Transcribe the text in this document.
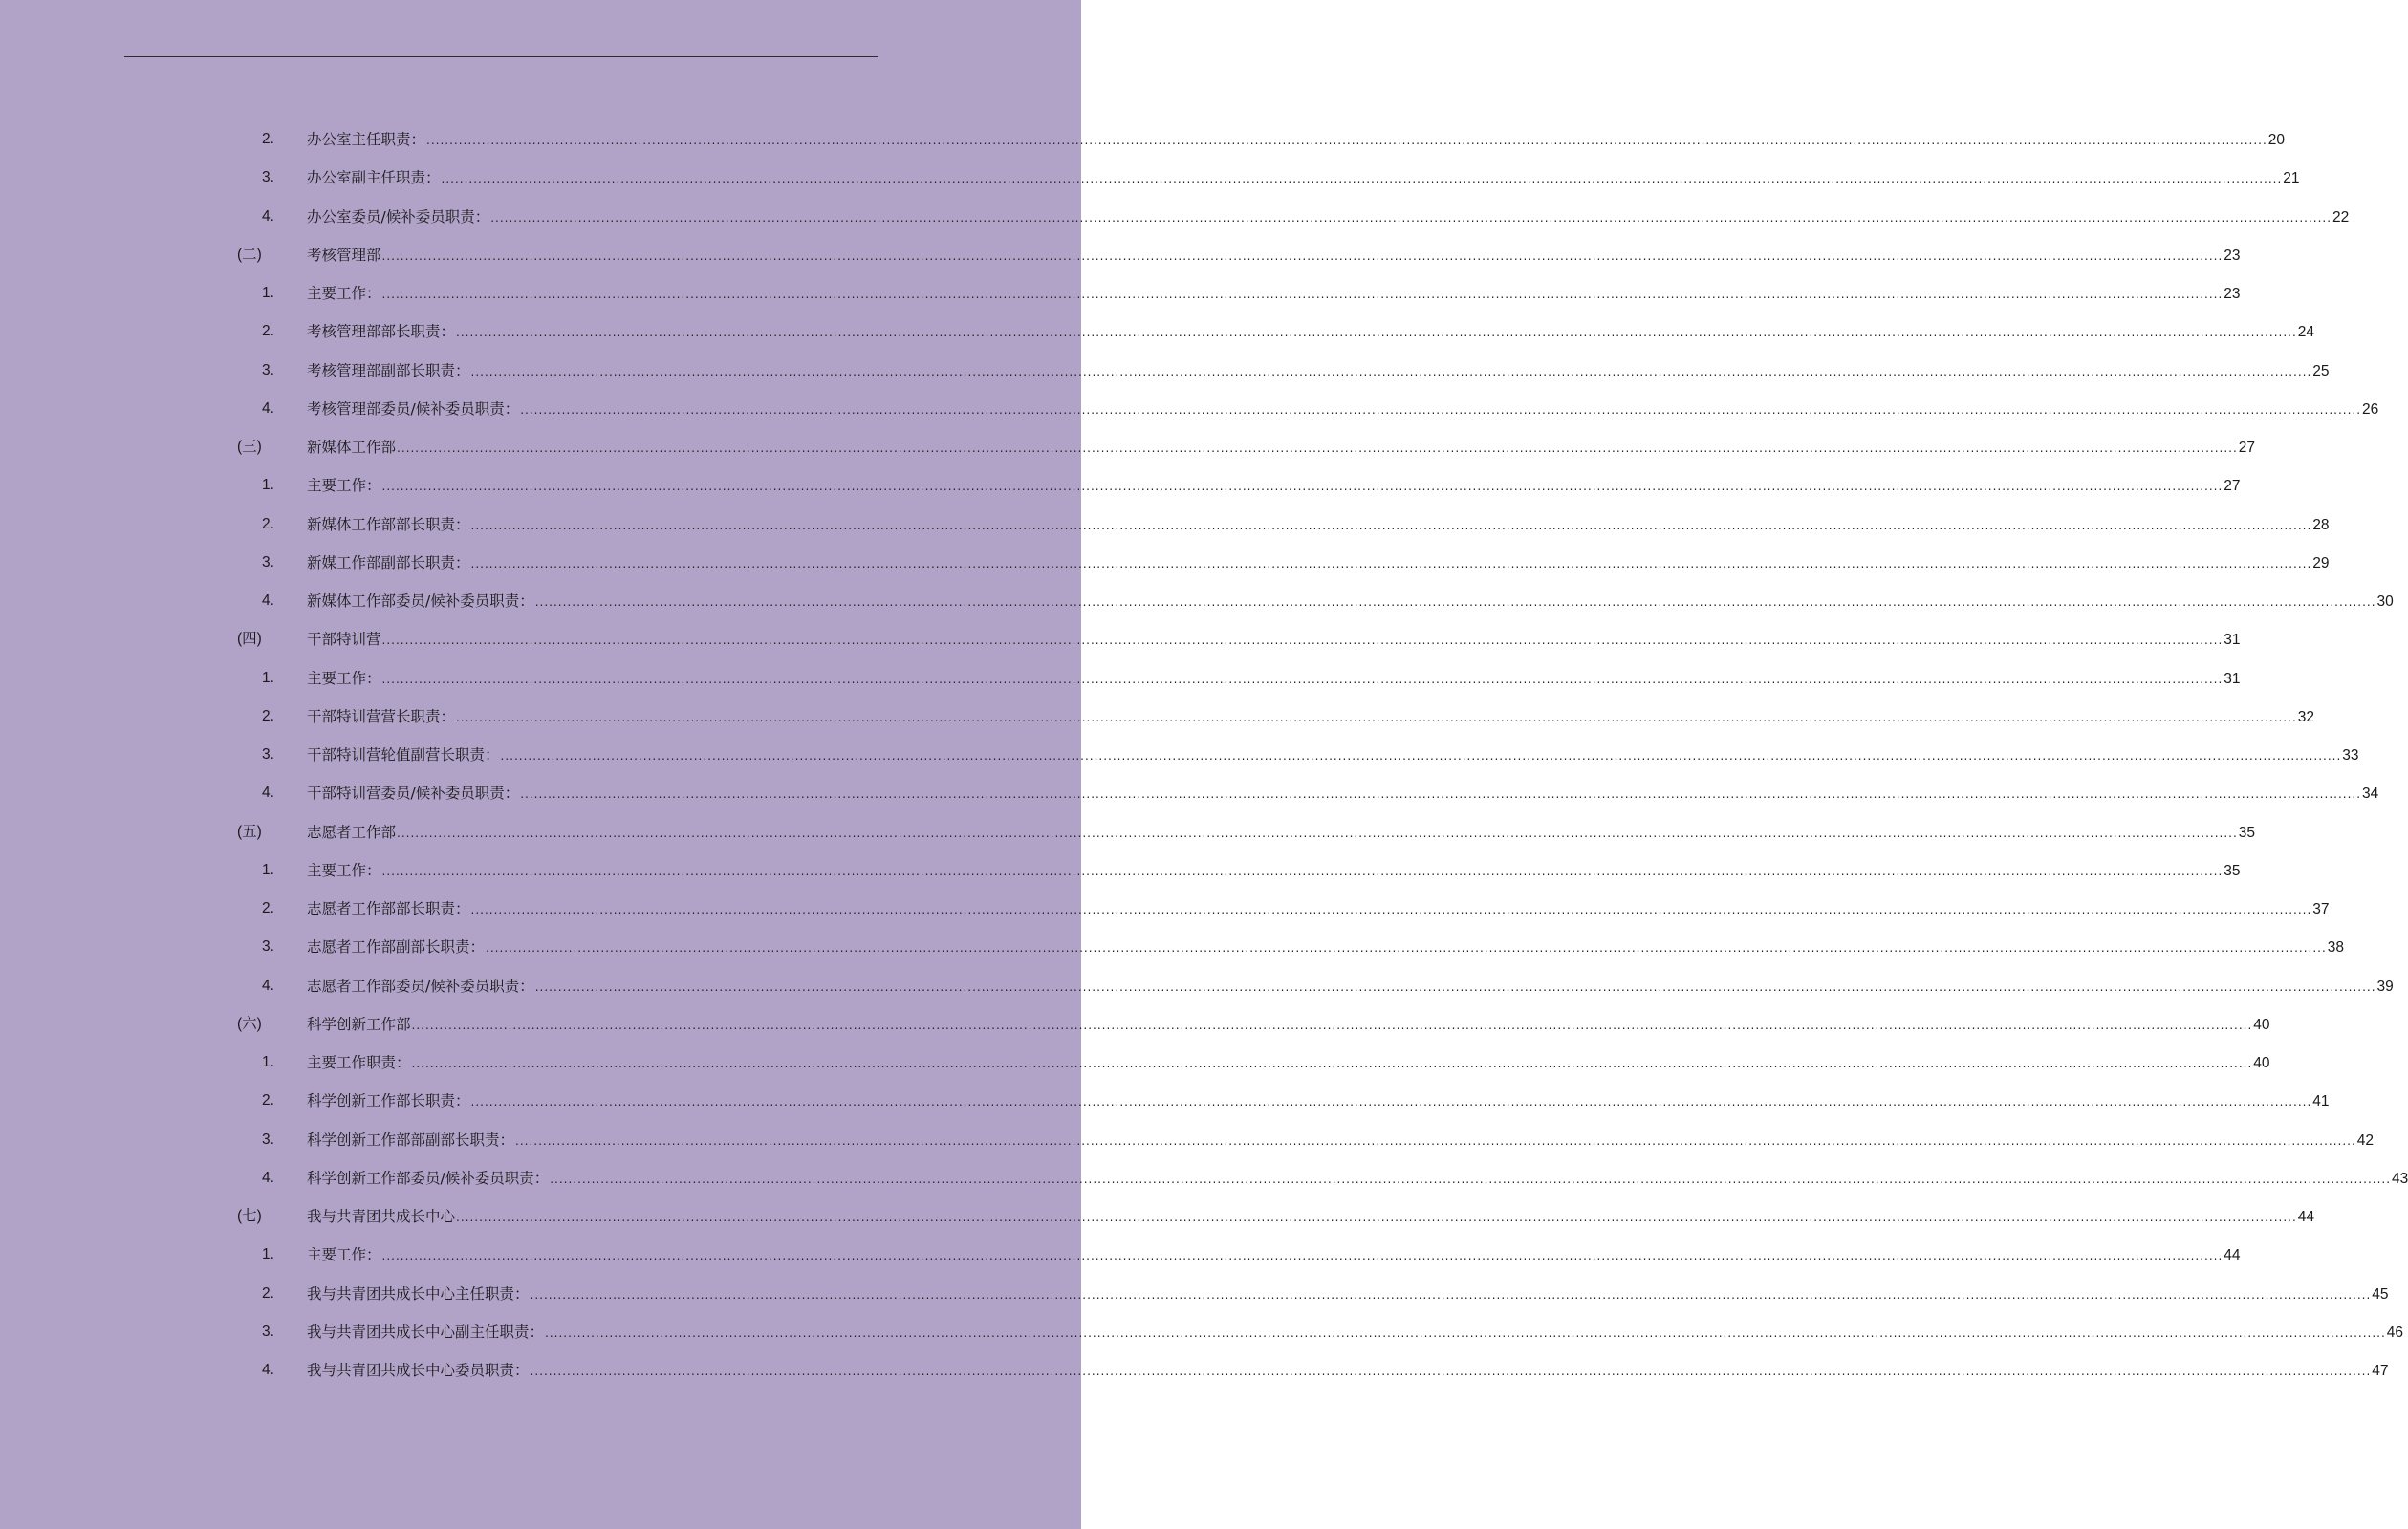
2. 办公室主任职责： ................................................................................................................................................................................................................................................................................................................................................................................................................ 20
3. 办公室副主任职责： ................................................................................................................................................................................................................................................................................................................................................................................................................ 21
4. 办公室委员/候补委员职责： ................................................................................................................................................................................................................................................................................................................................................................................................................ 22
(二)	考核管理部 ................................................................................................................................................................................................................................................................................................................................................................................................................ 23
1. 主要工作： ................................................................................................................................................................................................................................................................................................................................................................................................................ 23
2. 考核管理部部长职责： ................................................................................................................................................................................................................................................................................................................................................................................................................ 24
3. 考核管理部副部长职责： ................................................................................................................................................................................................................................................................................................................................................................................................................ 25
4. 考核管理部委员/候补委员职责： ................................................................................................................................................................................................................................................................................................................................................................................................................ 26
(三)	新媒体工作部 ................................................................................................................................................................................................................................................................................................................................................................................................................ 27
1. 主要工作： ................................................................................................................................................................................................................................................................................................................................................................................................................ 27
2. 新媒体工作部部长职责： ................................................................................................................................................................................................................................................................................................................................................................................................................ 28
3. 新媒工作部副部长职责： ................................................................................................................................................................................................................................................................................................................................................................................................................ 29
4. 新媒体工作部委员/候补委员职责： ................................................................................................................................................................................................................................................................................................................................................................................................................ 30
(四)	干部特训营 ................................................................................................................................................................................................................................................................................................................................................................................................................ 31
1. 主要工作： ................................................................................................................................................................................................................................................................................................................................................................................................................ 31
2. 干部特训营营长职责： ................................................................................................................................................................................................................................................................................................................................................................................................................ 32
3. 干部特训营轮值副营长职责： ................................................................................................................................................................................................................................................................................................................................................................................................................ 33
4. 干部特训营委员/候补委员职责： ................................................................................................................................................................................................................................................................................................................................................................................................................ 34
(五)	志愿者工作部 ................................................................................................................................................................................................................................................................................................................................................................................................................ 35
1. 主要工作： ................................................................................................................................................................................................................................................................................................................................................................................................................ 35
2. 志愿者工作部部长职责： ................................................................................................................................................................................................................................................................................................................................................................................................................ 37
3. 志愿者工作部副部长职责： ................................................................................................................................................................................................................................................................................................................................................................................................................ 38
4. 志愿者工作部委员/候补委员职责： ................................................................................................................................................................................................................................................................................................................................................................................................................ 39
(六)	科学创新工作部 ................................................................................................................................................................................................................................................................................................................................................................................................................ 40
1. 主要工作职责： ................................................................................................................................................................................................................................................................................................................................................................................................................ 40
2. 科学创新工作部长职责： ................................................................................................................................................................................................................................................................................................................................................................................................................ 41
3. 科学创新工作部部副部长职责： ................................................................................................................................................................................................................................................................................................................................................................................................................ 42
4. 科学创新工作部委员/候补委员职责： ................................................................................................................................................................................................................................................................................................................................................................................................................ 43
(七)	我与共青团共成长中心 ................................................................................................................................................................................................................................................................................................................................................................................................................ 44
1. 主要工作： ................................................................................................................................................................................................................................................................................................................................................................................................................ 44
2. 我与共青团共成长中心主任职责： ................................................................................................................................................................................................................................................................................................................................................................................................................ 45
3. 我与共青团共成长中心副主任职责： ................................................................................................................................................................................................................................................................................................................................................................................................................ 46
4. 我与共青团共成长中心委员职责： ................................................................................................................................................................................................................................................................................................................................................................................................................ 47
